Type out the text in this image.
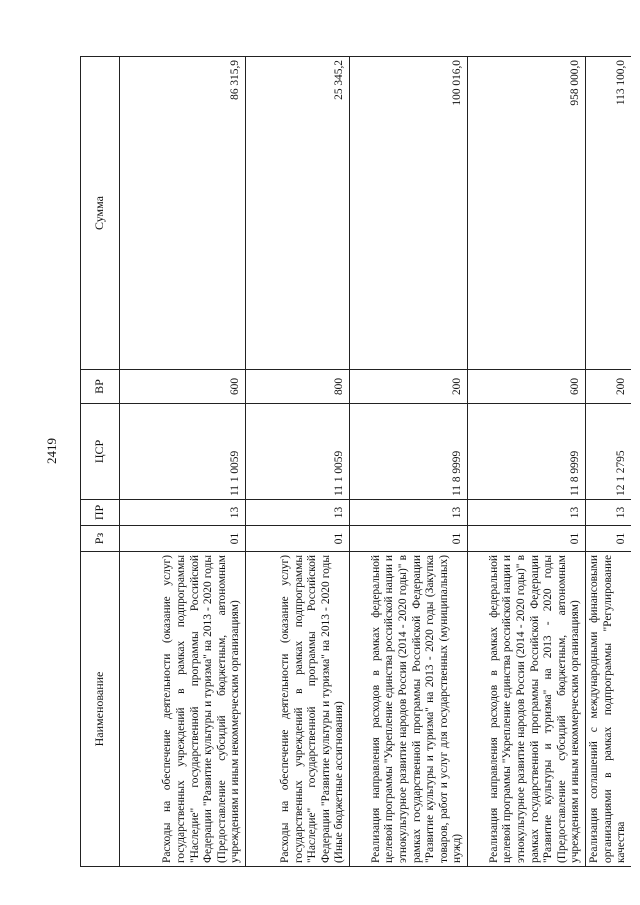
2419
Наименование	Рз	ПР	ЦСР	ВР	Сумма
Расходы на обеспечение деятельности (оказание услуг) государственных учреждений в рамках подпрограммы "Наследие" государственной программы Российской Федерации "Развитие культуры и туризма" на 2013 - 2020 годы (Предоставление субсидий бюджетным, автономным учреждениям и иным некоммерческим организациям)	01	13	11 1 0059	600	86 315,9
Расходы на обеспечение деятельности (оказание услуг) государственных учреждений в рамках подпрограммы "Наследие" государственной программы Российской Федерации "Развитие культуры и туризма" на 2013 - 2020 годы (Иные бюджетные ассигнования)	01	13	11 1 0059	800	25 345,2
Реализация направления расходов в рамках федеральной целевой программы "Укрепление единства российской нации и этнокультурное развитие народов России (2014 - 2020 годы)" в рамках государственной программы Российской Федерации "Развитие культуры и туризма" на 2013 - 2020 годы (Закупка товаров, работ и услуг для государственных (муниципальных) нужд)	01	13	11 8 9999	200	100 016,0
Реализация направления расходов в рамках федеральной целевой программы "Укрепление единства российской нации и этнокультурное развитие народов России (2014 - 2020 годы)" в рамках государственной программы Российской Федерации "Развитие культуры и туризма" на 2013 - 2020 годы (Предоставление субсидий бюджетным, автономным учреждениям и иным некоммерческим организациям)	01	13	11 8 9999	600	958 000,0
Реализация соглашений с международными финансовыми организациями в рамках подпрограммы "Регулирование качества	01	13	12 1 2795	200	113 100,0
